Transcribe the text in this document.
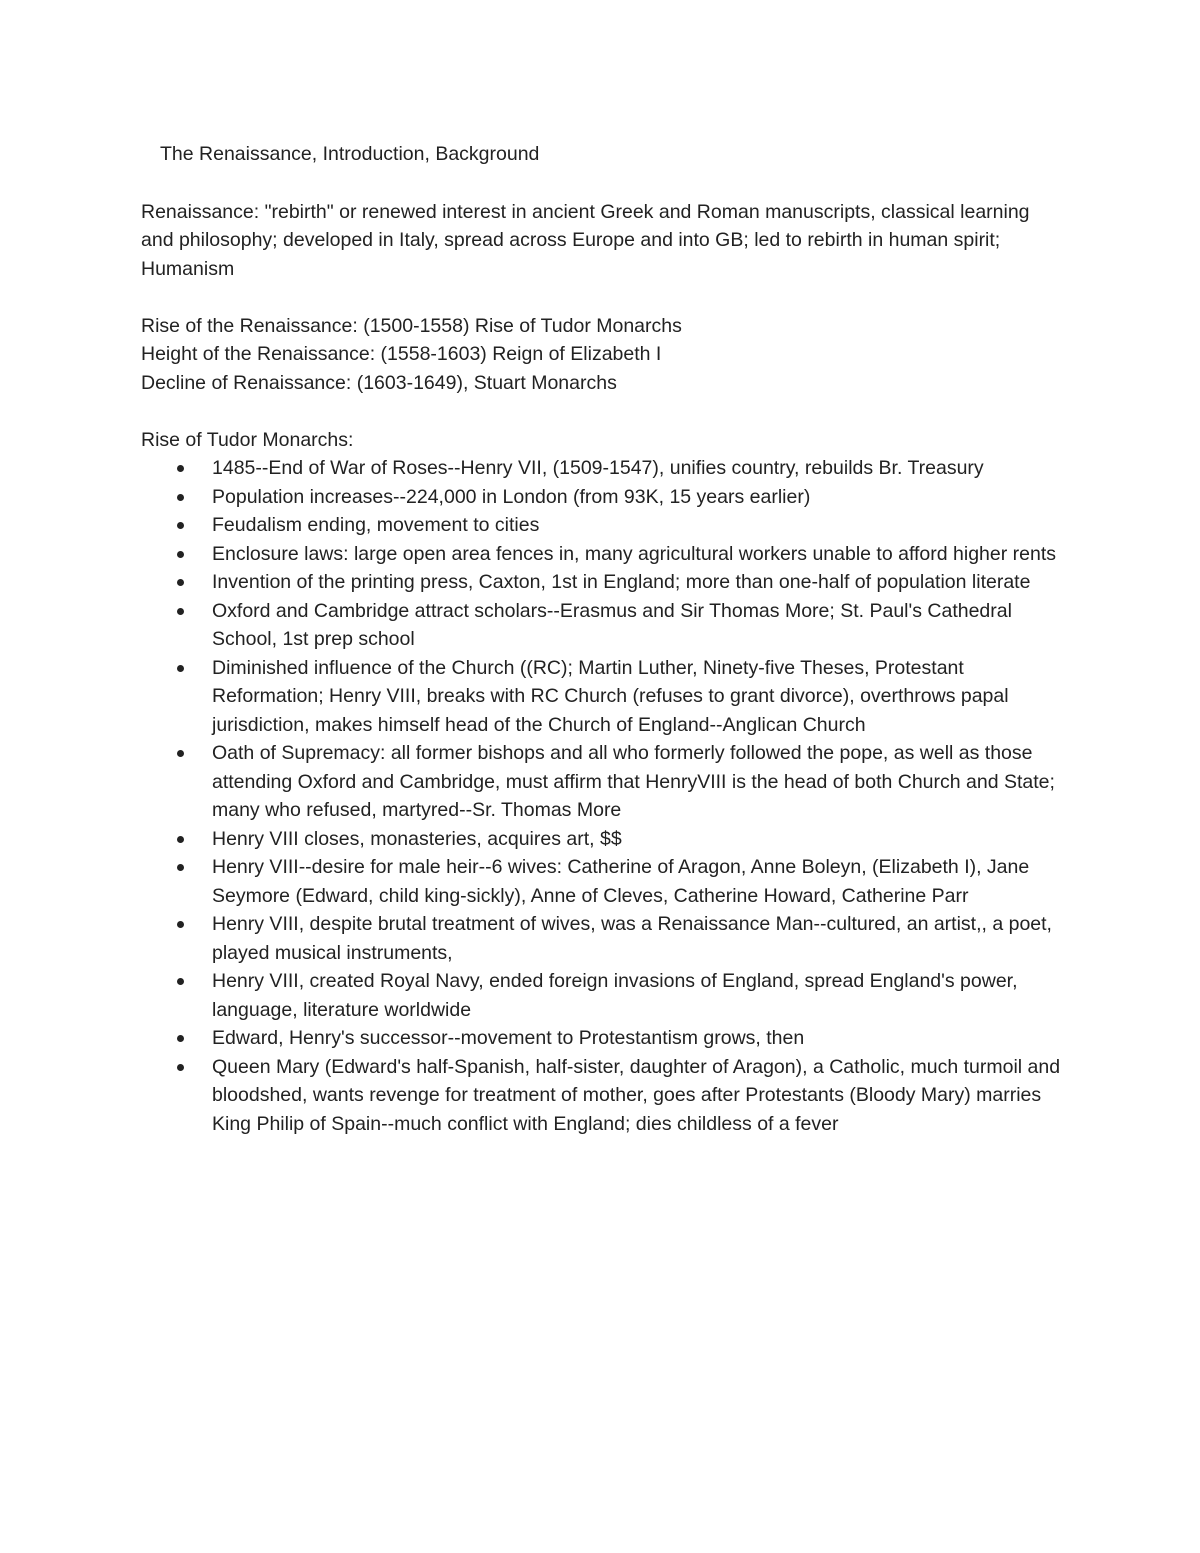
The Renaissance, Introduction, Background

Renaissance: "rebirth" or renewed interest in ancient Greek and Roman manuscripts, classical learning and philosophy; developed in Italy, spread across Europe and into GB; led to rebirth in human spirit; Humanism

Rise of the Renaissance: (1500-1558) Rise of Tudor Monarchs

Height of the Renaissance: (1558-1603) Reign of Elizabeth I

Decline of Renaissance: (1603-1649), Stuart Monarchs

Rise of Tudor Monarchs:

1485--End of War of Roses--Henry VII, (1509-1547), unifies country, rebuilds Br. Treasury
Population increases--224,000 in London (from 93K, 15 years earlier)
Feudalism ending, movement to cities
Enclosure laws: large open area fences in, many agricultural workers unable to afford higher rents
Invention of the printing press, Caxton, 1st in England; more than one-half of population literate
Oxford and Cambridge attract scholars--Erasmus and Sir Thomas More; St. Paul's Cathedral School, 1st prep school
Diminished influence of the Church ((RC); Martin Luther, Ninety-five Theses, Protestant Reformation; Henry VIII, breaks with RC Church (refuses to grant divorce), overthrows papal jurisdiction, makes himself head of the Church of England--Anglican Church
Oath of Supremacy: all former bishops and all who formerly followed the pope, as well as those attending Oxford and Cambridge, must affirm that HenryVIII is the head of both Church and State; many who refused, martyred--Sr. Thomas More
Henry VIII closes, monasteries, acquires art, $$
Henry VIII--desire for male heir--6 wives: Catherine of Aragon, Anne Boleyn, (Elizabeth I), Jane Seymore (Edward, child king-sickly), Anne of Cleves, Catherine Howard, Catherine Parr
Henry VIII, despite brutal treatment of wives, was a Renaissance Man--cultured, an artist,, a poet, played musical instruments,
Henry VIII, created Royal Navy, ended foreign invasions of England, spread England's power, language, literature worldwide
Edward, Henry's successor--movement to Protestantism grows, then
Queen Mary (Edward's half-Spanish, half-sister, daughter of Aragon), a Catholic, much turmoil and bloodshed, wants revenge for treatment of mother, goes after Protestants (Bloody Mary) marries King Philip of Spain--much conflict with England; dies childless of a fever
